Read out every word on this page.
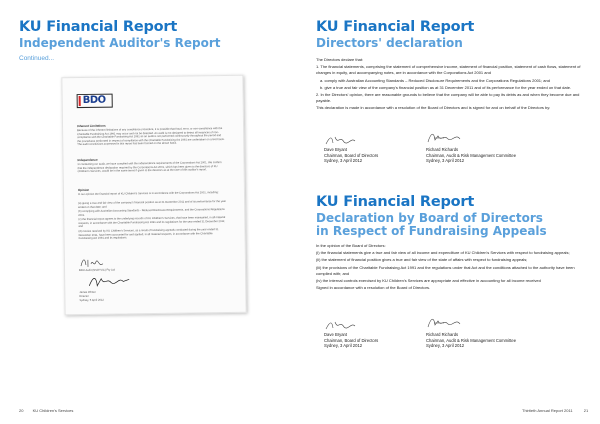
KU Financial Report
Independent Auditor's Report
Continued...
BDO
Inherent Limitations
Because of the inherent limitations of any compliance procedure, it is possible that fraud, error, or non-compliance with the Charitable Fundraising Act 1991 may occur and not be detected. An audit is not designed to detect all instances of non-compliance with the Charitable Fundraising Act 1991 as an audit is not performed continuously throughout the period and the procedures performed in respect of compliance with the Charitable Fundraising Act 1991 are undertaken on a test basis. The audit conclusions expressed in this report has been formed on the above basis.
Independence
In conducting our audit, we have complied with the independence requirements of the Corporations Act 2001. We confirm that the independence declaration required by the Corporations Act 2001, which has been given to the directors of KU Children's Services, would be in the same terms if given to the directors as at the time of this auditor's report.
Opinion
In our opinion the financial report of KU Children's Services is in accordance with the Corporations Act 2001, including:
(a) giving a true and fair view of the company's financial position as at 31 December 2011 and of its performance for the year ended on that date; and
(b) complying with Australian Accounting Standards - Reduced Disclosure Requirements, and the Corporations Regulations 2001.
(c) the financial report agrees to the underlying records of KU Children's Services, that have been maintained, in all material respects, in accordance with the Charitable Fundraising Act 1991 and its regulations for the year ended 31 December 2011; and
(d) monies received by KU Children's Services, as a result of fundraising appeals conducted during the year ended 31 December 2011, have been accounted for and applied, in all material respects, in accordance with the Charitable Fundraising Act 1991 and its regulations.
BDO Audit (NSW-VIC) Pty Ltd
James Winter
Director
Sydney, 5 April 2012
20 KU Children's Services
KU Financial Report
Directors' declaration

The Directors declare that:

1. The financial statements, comprising the statement of comprehensive income, statement of financial position, statement of cash flows, statement of changes in equity, and accompanying notes, are in accordance with the Corporations Act 2001 and

a. comply with Australian Accounting Standards – Reduced Disclosure Requirements and the Corporations Regulations 2001; and

b. give a true and fair view of the company's financial position as at 31 December 2011 and of its performance for the year ended on that date.

2. In the Directors' opinion, there are reasonable grounds to believe that the company will be able to pay its debts as and when they become due and payable.

This declaration is made in accordance with a resolution of the Board of Directors and is signed for and on behalf of the Directors by:

Dave Bryant
Chairman, Board of Directors
Sydney, 3 April 2012
Richard Richards
Chairman, Audit & Risk Management Committee
Sydney, 3 April 2012
KU Financial Report
Declaration by Board of Directors
in Respect of Fundraising Appeals

In the opinion of the Board of Directors:

(i) the financial statements give a true and fair view of all income and expenditure of KU Children's Services with respect to fundraising appeals;

(ii) the statement of financial position gives a true and fair view of the state of affairs with respect to fundraising appeals;

(iii) the provisions of the Charitable Fundraising Act 1991 and the regulations under that Act and the conditions attached to the authority have been complied with; and

(iv) the internal controls exercised by KU Children's Services are appropriate and effective in accounting for all income received

Signed in accordance with a resolution of the Board of Directors.

Dave Bryant
Chairman, Board of Directors
Sydney, 3 April 2012
Richard Richards
Chairman, Audit & Risk Management Committee
Sydney, 3 April 2012
Thirtieth Annual Report 2011	21
